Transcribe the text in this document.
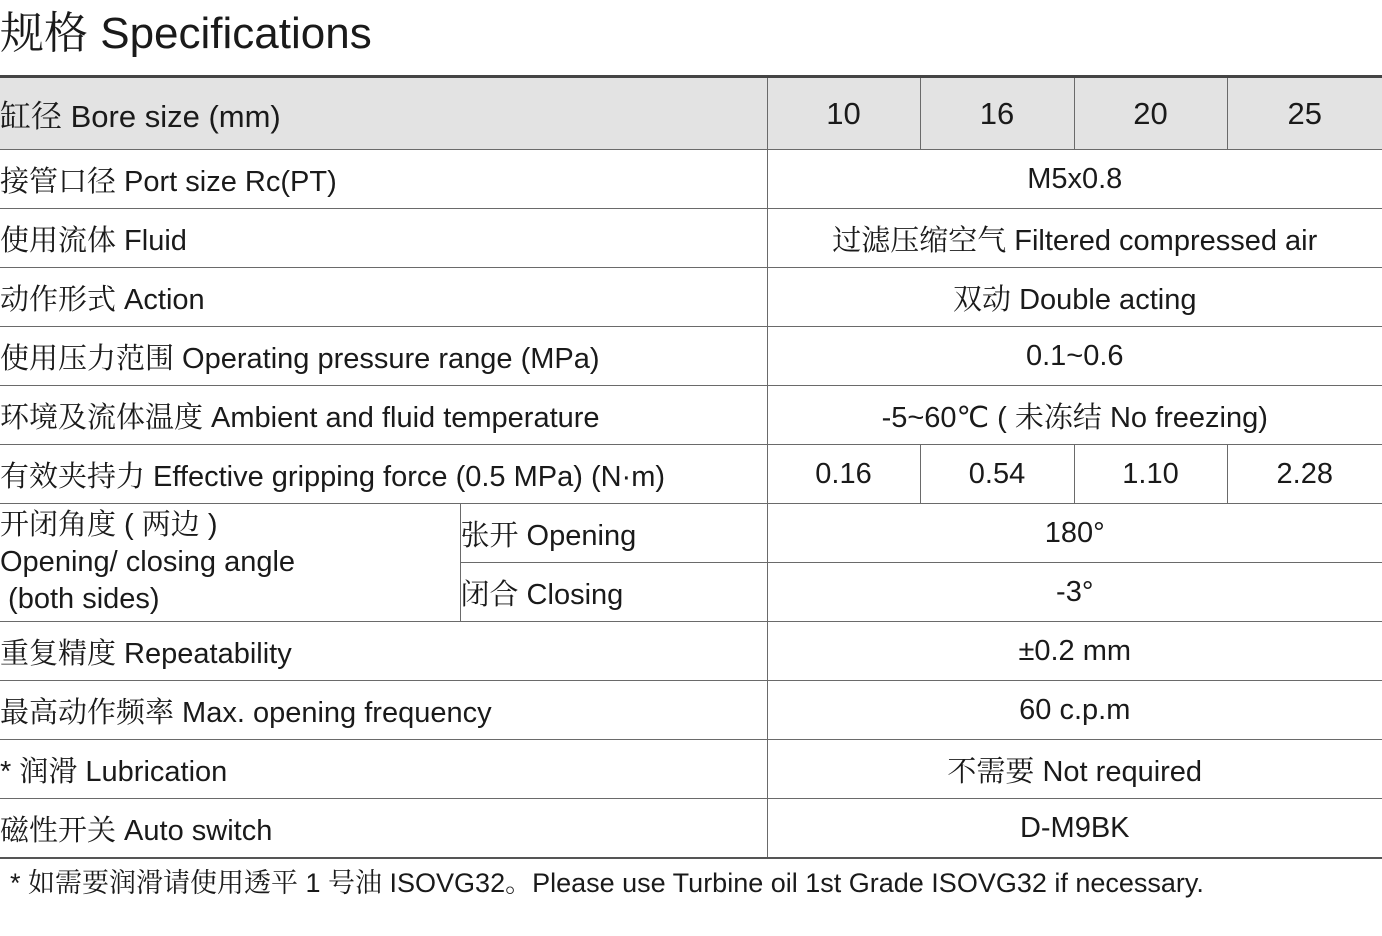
规格 Specifications
缸径 Bore size (mm)		10	16	20	25
接管口径 Port size Rc(PT)		M5x0.8			
使用流体 Fluid		过滤压缩空气 Filtered compressed air			
动作形式 Action		双动 Double acting			
使用压力范围 Operating pressure range (MPa)		0.1~0.6			
环境及流体温度 Ambient and fluid temperature		-5~60℃ ( 未冻结 No freezing)			
有效夹持力 Effective gripping force (0.5 MPa) (N·m)		0.16	0.54	1.10	2.28

开闭角度 ( 两边 )
Opening/ closing angle
(both sides)	张开 Opening	180°			
	闭合 Closing	-3°			
重复精度 Repeatability		±0.2 mm			
最高动作频率 Max. opening frequency		60 c.p.m			
* 润滑 Lubrication		不需要 Not required			
磁性开关 Auto switch		D-M9BK			
* 如需要润滑请使用透平 1 号油 ISOVG32。Please use Turbine oil 1st Grade ISOVG32 if necessary.
